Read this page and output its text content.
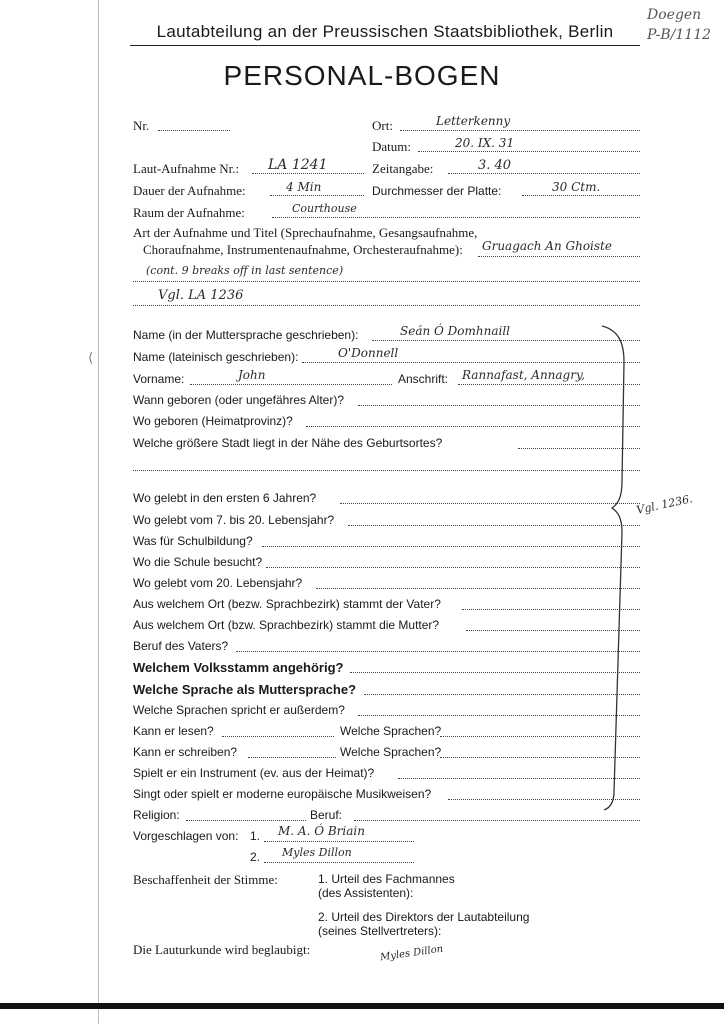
Lautabteilung an der Preussischen Staatsbibliothek, Berlin
PERSONAL-BOGEN
Doegen
P-B/1112
Nr.	Ort:	Letterkenny
Datum:	20. IX. 31
Laut-Aufnahme Nr.: LA 1241	Zeitangabe:	3. 40
Dauer der Aufnahme:	4 Min	Durchmesser der Platte:	30 Ctm.
Raum der Aufnahme:	Courthouse
Art der Aufnahme und Titel (Sprechaufnahme, Gesangsaufnahme,
Choraufnahme, Instrumentenaufnahme, Orchesteraufnahme): Gruagach An Ghoiste
(cont. 9 breaks off in last sentence)
Vgl. LA 1236
Name (in der Muttersprache geschrieben):	Seán Ó Domhnaill
Name (lateinisch geschrieben):	O'Donnell
Vorname:	John	Anschrift: Rannafast, Annagry,
Wann geboren (oder ungefähres Alter)?
Wo geboren (Heimatprovinz)?
Welche größere Stadt liegt in der Nähe des Geburtsortes?
Wo gelebt in den ersten 6 Jahren?
Wo gelebt vom 7. bis 20. Lebensjahr?
Vgl. 1236.
Was für Schulbildung?
Wo die Schule besucht?
Wo gelebt vom 20. Lebensjahr?
Aus welchem Ort (bezw. Sprachbezirk) stammt der Vater?
Aus welchem Ort (bzw. Sprachbezirk) stammt die Mutter?
Beruf des Vaters?
Welchem Volksstamm angehörig?
Welche Sprache als Muttersprache?
Welche Sprachen spricht er außerdem?
Kann er lesen?	Welche Sprachen?
Kann er schreiben?	Welche Sprachen?
Spielt er ein Instrument (ev. aus der Heimat)?
Singt oder spielt er moderne europäische Musikweisen?
Religion:	Beruf:
⟨
Vorgeschlagen von: 1. M. A. Ó Briain
2. Myles Dillon
Beschaffenheit der Stimme:	1. Urteil des Fachmannes
(des Assistenten):
2. Urteil des Direktors der Lautabteilung
(seines Stellvertreters):
Die Lauturkunde wird beglaubigt:	Myles Dillon
